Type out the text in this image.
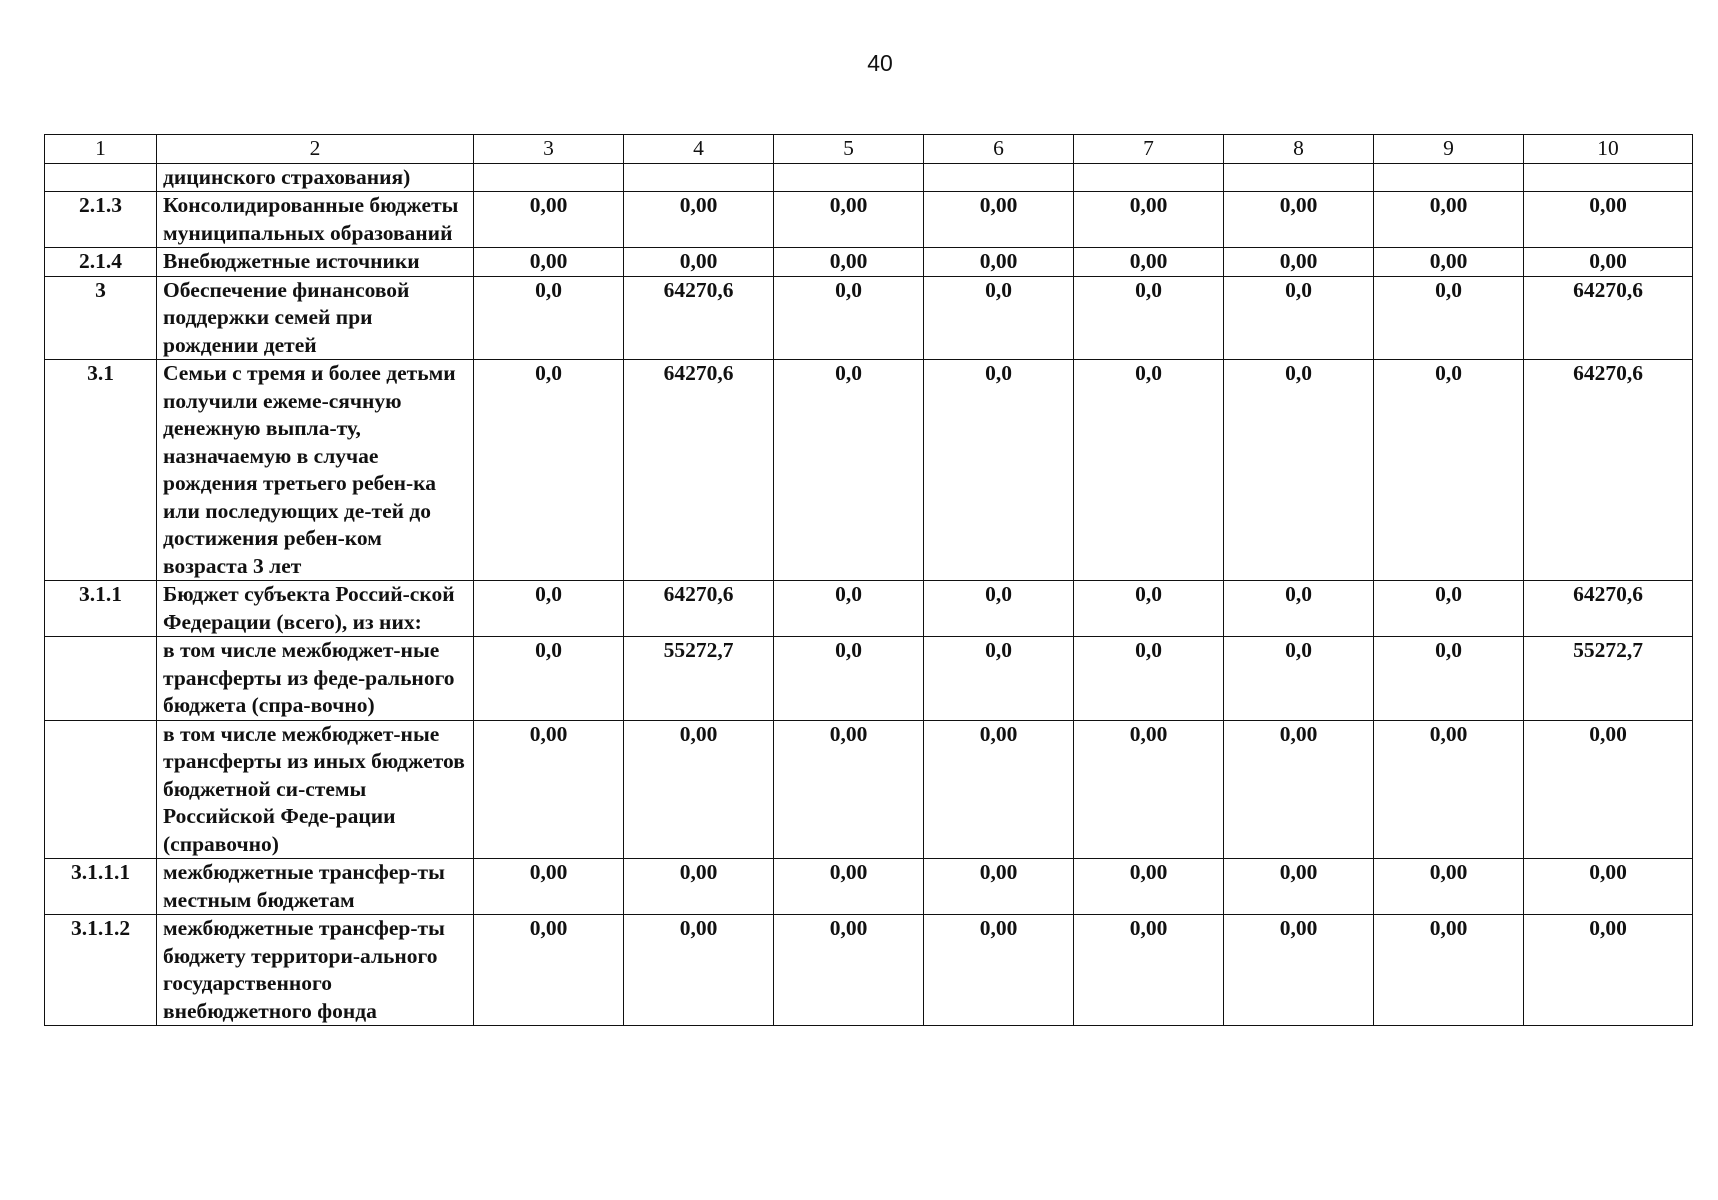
40
1	2	3	4	5	6	7	8	9	10
	дицинского страхования)								
2.1.3	Консолидированные бюджеты муниципальных образований	0,00	0,00	0,00	0,00	0,00	0,00	0,00	0,00
2.1.4	Внебюджетные источники	0,00	0,00	0,00	0,00	0,00	0,00	0,00	0,00
3	Обеспечение финансовой поддержки семей при рождении детей	0,0	64270,6	0,0	0,0	0,0	0,0	0,0	64270,6
3.1	Семьи с тремя и более детьми получили ежеме-сячную денежную выпла-ту, назначаемую в случае рождения третьего ребен-ка или последующих де-тей до достижения ребен-ком возраста 3 лет	0,0	64270,6	0,0	0,0	0,0	0,0	0,0	64270,6
3.1.1	Бюджет субъекта Россий-ской Федерации (всего), из них:	0,0	64270,6	0,0	0,0	0,0	0,0	0,0	64270,6
	в том числе межбюджет-ные трансферты из феде-рального бюджета (спра-вочно)	0,0	55272,7	0,0	0,0	0,0	0,0	0,0	55272,7
	в том числе межбюджет-ные трансферты из иных бюджетов бюджетной си-стемы Российской Феде-рации (справочно)	0,00	0,00	0,00	0,00	0,00	0,00	0,00	0,00
3.1.1.1	межбюджетные трансфер-ты местным бюджетам	0,00	0,00	0,00	0,00	0,00	0,00	0,00	0,00
3.1.1.2	межбюджетные трансфер-ты бюджету территори-ального государственного внебюджетного фонда	0,00	0,00	0,00	0,00	0,00	0,00	0,00	0,00
